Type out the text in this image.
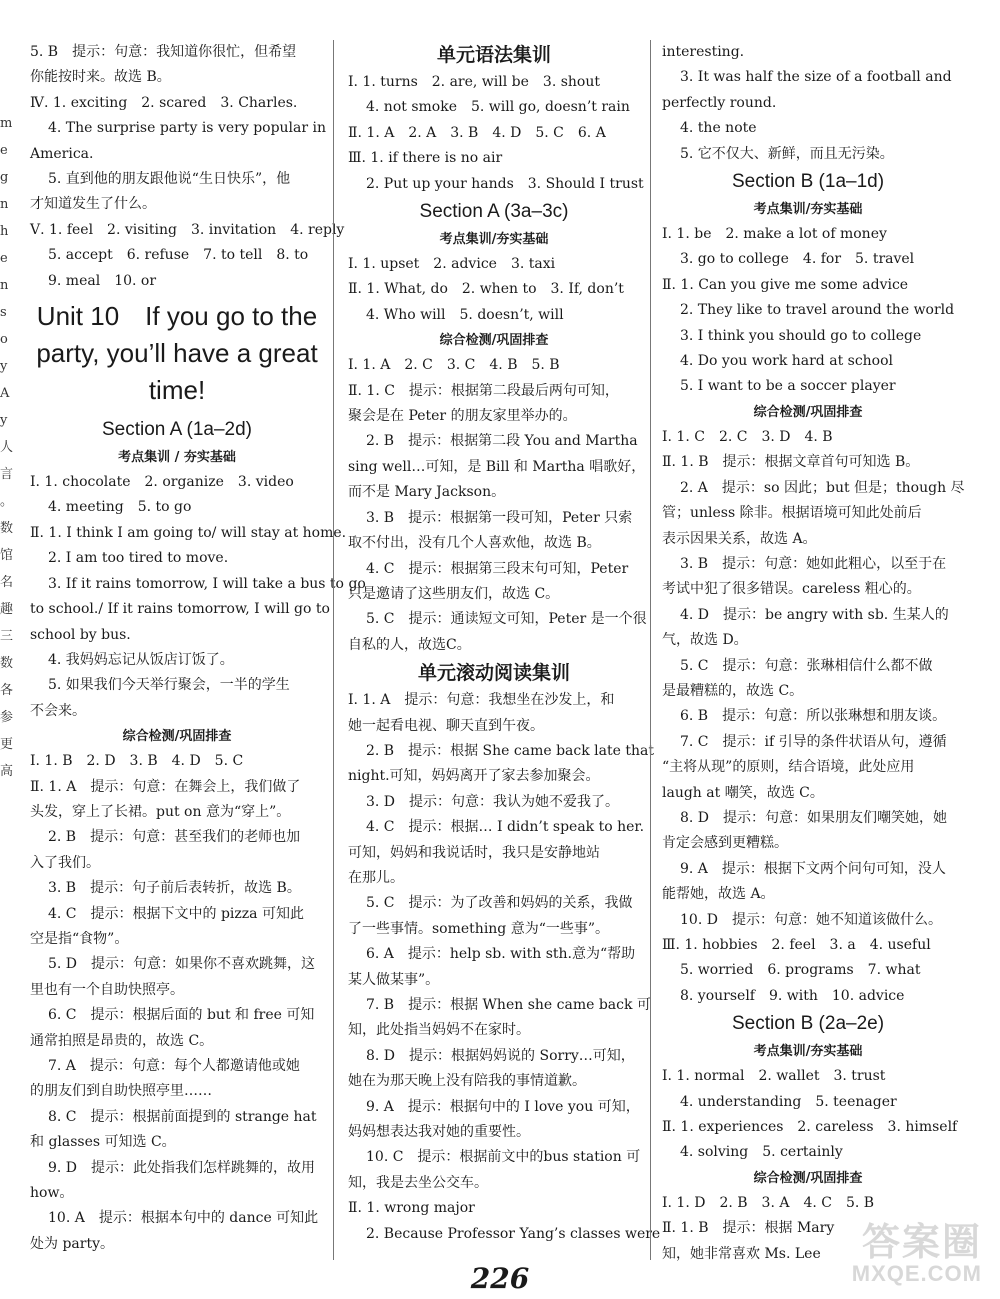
m
e
g
n
h
e
n
s
o
y
A
y
人
言
。
数
馆
名
趣
三
数
各
参
更
高
5. B　提示：句意：我知道你很忙，但希望
你能按时来。故选 B。
Ⅳ. 1. exciting　2. scared　3. Charles.
4. The surprise party is very popular in
America.
5. 直到他的朋友跟他说“生日快乐”，他
才知道发生了什么。
Ⅴ. 1. feel　2. visiting　3. invitation　4. reply
5. accept　6. refuse　7. to tell　8. to
9. meal　10. or
Unit 10　If you go to the party, you’ll have a great time!
Section A (1a–2d)
考点集训 / 夯实基础
Ⅰ. 1. chocolate　2. organize　3. video
4. meeting　5. to go
Ⅱ. 1. I think I am going to/ will stay at home.
2. I am too tired to move.
3. If it rains tomorrow, I will take a bus to go
to school./ If it rains tomorrow, I will go to
school by bus.
4. 我妈妈忘记从饭店订饭了。
5. 如果我们今天举行聚会，一半的学生
不会来。
综合检测/巩固排查
Ⅰ. 1. B　2. D　3. B　4. D　5. C
Ⅱ. 1. A　提示：句意：在舞会上，我们做了
头发，穿上了长裙。put on 意为“穿上”。
2. B　提示：句意：甚至我们的老师也加
入了我们。
3. B　提示：句子前后表转折，故选 B。
4. C　提示：根据下文中的 pizza 可知此
空是指“食物”。
5. D　提示：句意：如果你不喜欢跳舞，这
里也有一个自助快照亭。
6. C　提示：根据后面的 but 和 free 可知
通常拍照是昂贵的，故选 C。
7. A　提示：句意：每个人都邀请他或她
的朋友们到自助快照亭里……
8. C　提示：根据前面提到的 strange hat
和 glasses 可知选 C。
9. D　提示：此处指我们怎样跳舞的，故用
how。
10. A　提示：根据本句中的 dance 可知此
处为 party。
单元语法集训
Ⅰ. 1. turns　2. are, will be　3. shout
4. not smoke　5. will go, doesn’t rain
Ⅱ. 1. A　2. A　3. B　4. D　5. C　6. A
Ⅲ. 1. if there is no air
2. Put up your hands　3. Should I trust
Section A (3a–3c)
考点集训/夯实基础
Ⅰ. 1. upset　2. advice　3. taxi
Ⅱ. 1. What, do　2. when to　3. If, don’t
4. Who will　5. doesn’t, will
综合检测/巩固排查
Ⅰ. 1. A　2. C　3. C　4. B　5. B
Ⅱ. 1. C　提示：根据第二段最后两句可知，
聚会是在 Peter 的朋友家里举办的。
2. B　提示：根据第二段 You and Martha
sing well…可知，是 Bill 和 Martha 唱歌好，
而不是 Mary Jackson。
3. B　提示：根据第一段可知，Peter 只索
取不付出，没有几个人喜欢他，故选 B。
4. C　提示：根据第三段末句可知，Peter
只是邀请了这些朋友们，故选 C。
5. C　提示：通读短文可知，Peter 是一个很
自私的人，故选C。
单元滚动阅读集训
Ⅰ. 1. A　提示：句意：我想坐在沙发上，和
她一起看电视、聊天直到午夜。
2. B　提示：根据 She came back late that
night.可知，妈妈离开了家去参加聚会。
3. D　提示：句意：我认为她不爱我了。
4. C　提示：根据… I didn’t speak to her.
可知，妈妈和我说话时，我只是安静地站
在那儿。
5. C　提示：为了改善和妈妈的关系，我做
了一些事情。something 意为“一些事”。
6. A　提示：help sb. with sth.意为“帮助
某人做某事”。
7. B　提示：根据 When she came back 可
知，此处指当妈妈不在家时。
8. D　提示：根据妈妈说的 Sorry…可知，
她在为那天晚上没有陪我的事情道歉。
9. A　提示：根据句中的 I love you 可知，
妈妈想表达我对她的重要性。
10. C　提示：根据前文中的bus station 可
知，我是去坐公交车。
Ⅱ. 1. wrong major
2. Because Professor Yang’s classes were
interesting.
3. It was half the size of a football and
perfectly round.
4. the note
5. 它不仅大、新鲜，而且无污染。
Section B (1a–1d)
考点集训/夯实基础
Ⅰ. 1. be　2. make a lot of money
3. go to college　4. for　5. travel
Ⅱ. 1. Can you give me some advice
2. They like to travel around the world
3. I think you should go to college
4. Do you work hard at school
5. I want to be a soccer player
综合检测/巩固排查
Ⅰ. 1. C　2. C　3. D　4. B
Ⅱ. 1. B　提示：根据文章首句可知选 B。
2. A　提示：so 因此；but 但是；though 尽
管；unless 除非。根据语境可知此处前后
表示因果关系，故选 A。
3. B　提示：句意：她如此粗心，以至于在
考试中犯了很多错误。careless 粗心的。
4. D　提示：be angry with sb. 生某人的
气，故选 D。
5. C　提示：句意：张琳相信什么都不做
是最糟糕的，故选 C。
6. B　提示：句意：所以张琳想和朋友谈。
7. C　提示：if 引导的条件状语从句，遵循
“主将从现”的原则，结合语境，此处应用
laugh at 嘲笑，故选 C。
8. D　提示：句意：如果朋友们嘲笑她，她
肯定会感到更糟糕。
9. A　提示：根据下文两个问句可知，没人
能帮她，故选 A。
10. D　提示：句意：她不知道该做什么。
Ⅲ. 1. hobbies　2. feel　3. a　4. useful
5. worried　6. programs　7. what
8. yourself　9. with　10. advice
Section B (2a–2e)
考点集训/夯实基础
Ⅰ. 1. normal　2. wallet　3. trust
4. understanding　5. teenager
Ⅱ. 1. experiences　2. careless　3. himself
4. solving　5. certainly
综合检测/巩固排查
Ⅰ. 1. D　2. B　3. A　4. C　5. B
Ⅱ. 1. B　提示：根据 Mary
知，她非常喜欢 Ms. Lee
226
答案圈
MXQE.COM
